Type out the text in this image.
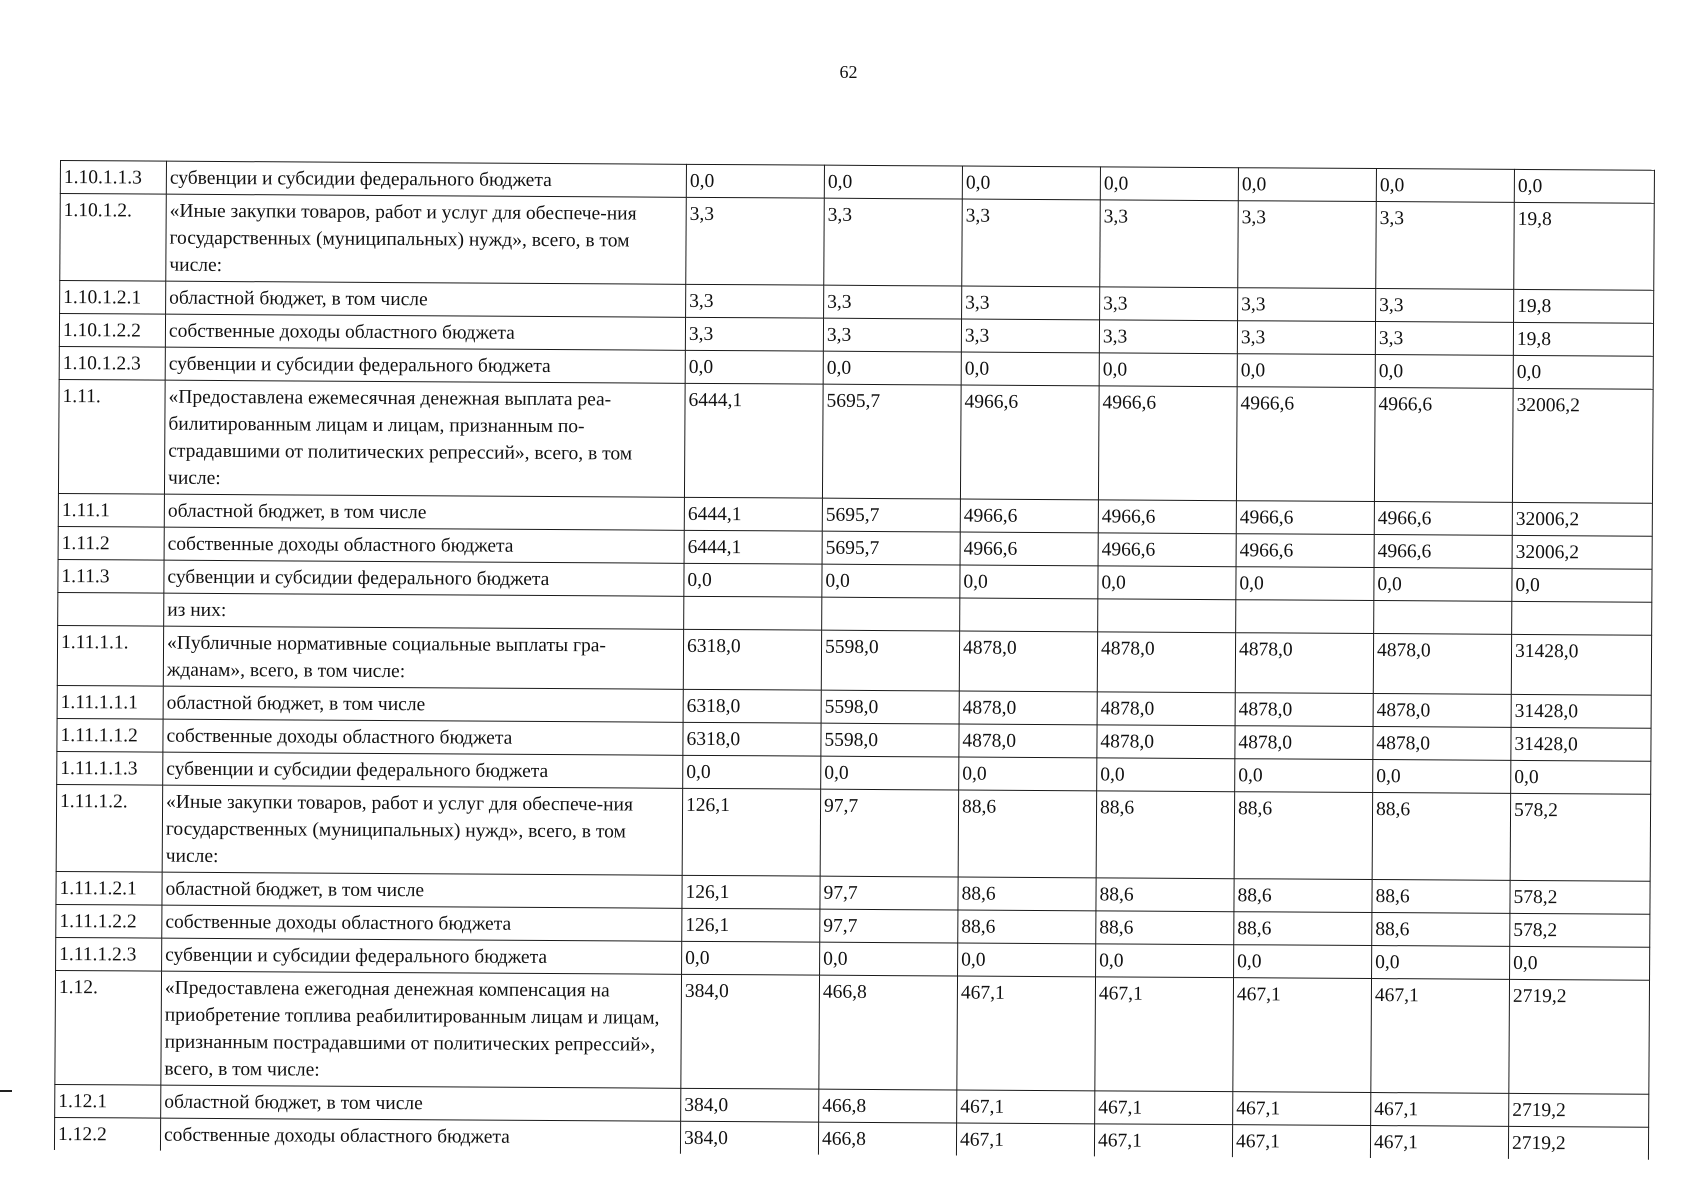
62
1.10.1.1.3	субвенции и субсидии федерального бюджета	0,0	0,0	0,0	0,0	0,0	0,0	0,0
1.10.1.2.	«Иные закупки товаров, работ и услуг для обеспече-ния государственных (муниципальных) нужд», всего, в том числе:	3,3	3,3	3,3	3,3	3,3	3,3	19,8
1.10.1.2.1	областной бюджет, в том числе	3,3	3,3	3,3	3,3	3,3	3,3	19,8
1.10.1.2.2	собственные доходы областного бюджета	3,3	3,3	3,3	3,3	3,3	3,3	19,8
1.10.1.2.3	субвенции и субсидии федерального бюджета	0,0	0,0	0,0	0,0	0,0	0,0	0,0
1.11.	«Предоставлена ежемесячная денежная выплата реа-билитированным лицам и лицам, признанным по-страдавшими от политических репрессий», всего, в том числе:	6444,1	5695,7	4966,6	4966,6	4966,6	4966,6	32006,2
1.11.1	областной бюджет, в том числе	6444,1	5695,7	4966,6	4966,6	4966,6	4966,6	32006,2
1.11.2	собственные доходы областного бюджета	6444,1	5695,7	4966,6	4966,6	4966,6	4966,6	32006,2
1.11.3	субвенции и субсидии федерального бюджета	0,0	0,0	0,0	0,0	0,0	0,0	0,0
	из них:							
1.11.1.1.	«Публичные нормативные социальные выплаты гра-жданам», всего, в том числе:	6318,0	5598,0	4878,0	4878,0	4878,0	4878,0	31428,0
1.11.1.1.1	областной бюджет, в том числе	6318,0	5598,0	4878,0	4878,0	4878,0	4878,0	31428,0
1.11.1.1.2	собственные доходы областного бюджета	6318,0	5598,0	4878,0	4878,0	4878,0	4878,0	31428,0
1.11.1.1.3	субвенции и субсидии федерального бюджета	0,0	0,0	0,0	0,0	0,0	0,0	0,0
1.11.1.2.	«Иные закупки товаров, работ и услуг для обеспече-ния государственных (муниципальных) нужд», всего, в том числе:	126,1	97,7	88,6	88,6	88,6	88,6	578,2
1.11.1.2.1	областной бюджет, в том числе	126,1	97,7	88,6	88,6	88,6	88,6	578,2
1.11.1.2.2	собственные доходы областного бюджета	126,1	97,7	88,6	88,6	88,6	88,6	578,2
1.11.1.2.3	субвенции и субсидии федерального бюджета	0,0	0,0	0,0	0,0	0,0	0,0	0,0
1.12.	«Предоставлена ежегодная денежная компенсация на приобретение топлива реабилитированным лицам и лицам, признанным пострадавшими от политических репрессий», всего, в том числе:	384,0	466,8	467,1	467,1	467,1	467,1	2719,2
1.12.1	областной бюджет, в том числе	384,0	466,8	467,1	467,1	467,1	467,1	2719,2
1.12.2	собственные доходы областного бюджета	384,0	466,8	467,1	467,1	467,1	467,1	2719,2
